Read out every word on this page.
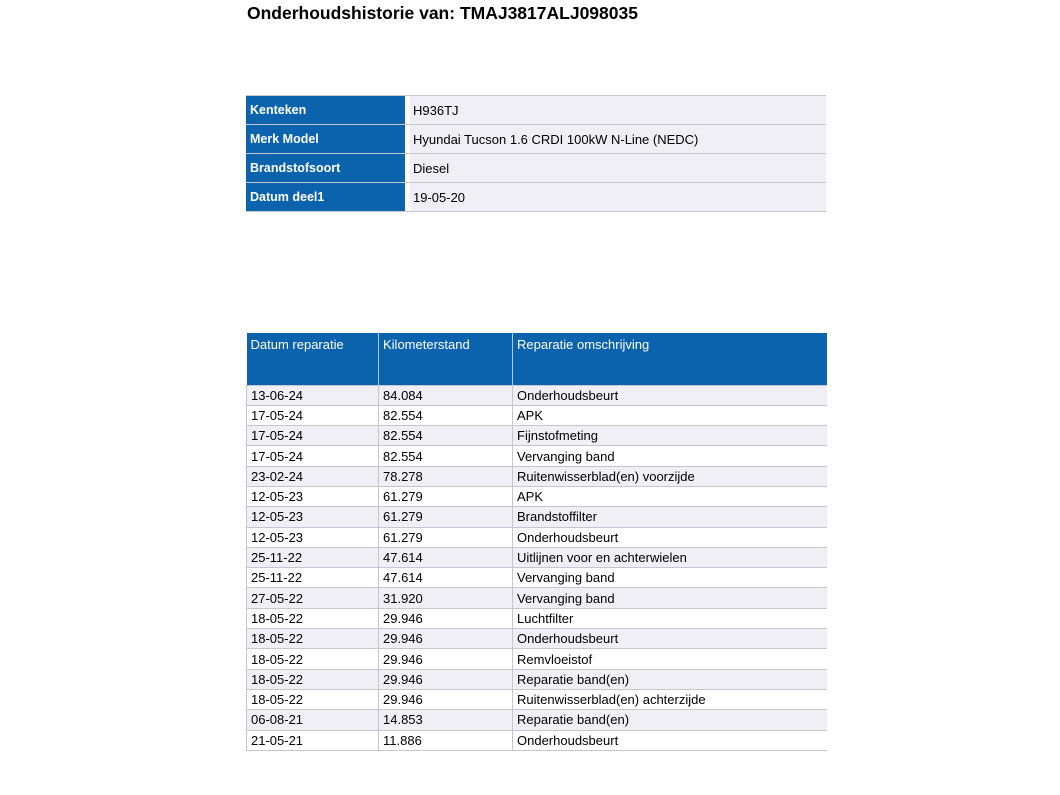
Onderhoudshistorie van: TMAJ3817ALJ098035
Kenteken		H936TJ
Merk Model		Hyundai Tucson 1.6 CRDI 100kW N-Line (NEDC)
Brandstofsoort		Diesel
Datum deel1		19-05-20
Datum reparatie	Kilometerstand	Reparatie omschrijving
13-06-24	84.084	Onderhoudsbeurt
17-05-24	82.554	APK
17-05-24	82.554	Fijnstofmeting
17-05-24	82.554	Vervanging band
23-02-24	78.278	Ruitenwisserblad(en) voorzijde
12-05-23	61.279	APK
12-05-23	61.279	Brandstoffilter
12-05-23	61.279	Onderhoudsbeurt
25-11-22	47.614	Uitlijnen voor en achterwielen
25-11-22	47.614	Vervanging band
27-05-22	31.920	Vervanging band
18-05-22	29.946	Luchtfilter
18-05-22	29.946	Onderhoudsbeurt
18-05-22	29.946	Remvloeistof
18-05-22	29.946	Reparatie band(en)
18-05-22	29.946	Ruitenwisserblad(en) achterzijde
06-08-21	14.853	Reparatie band(en)
21-05-21	11.886	Onderhoudsbeurt
